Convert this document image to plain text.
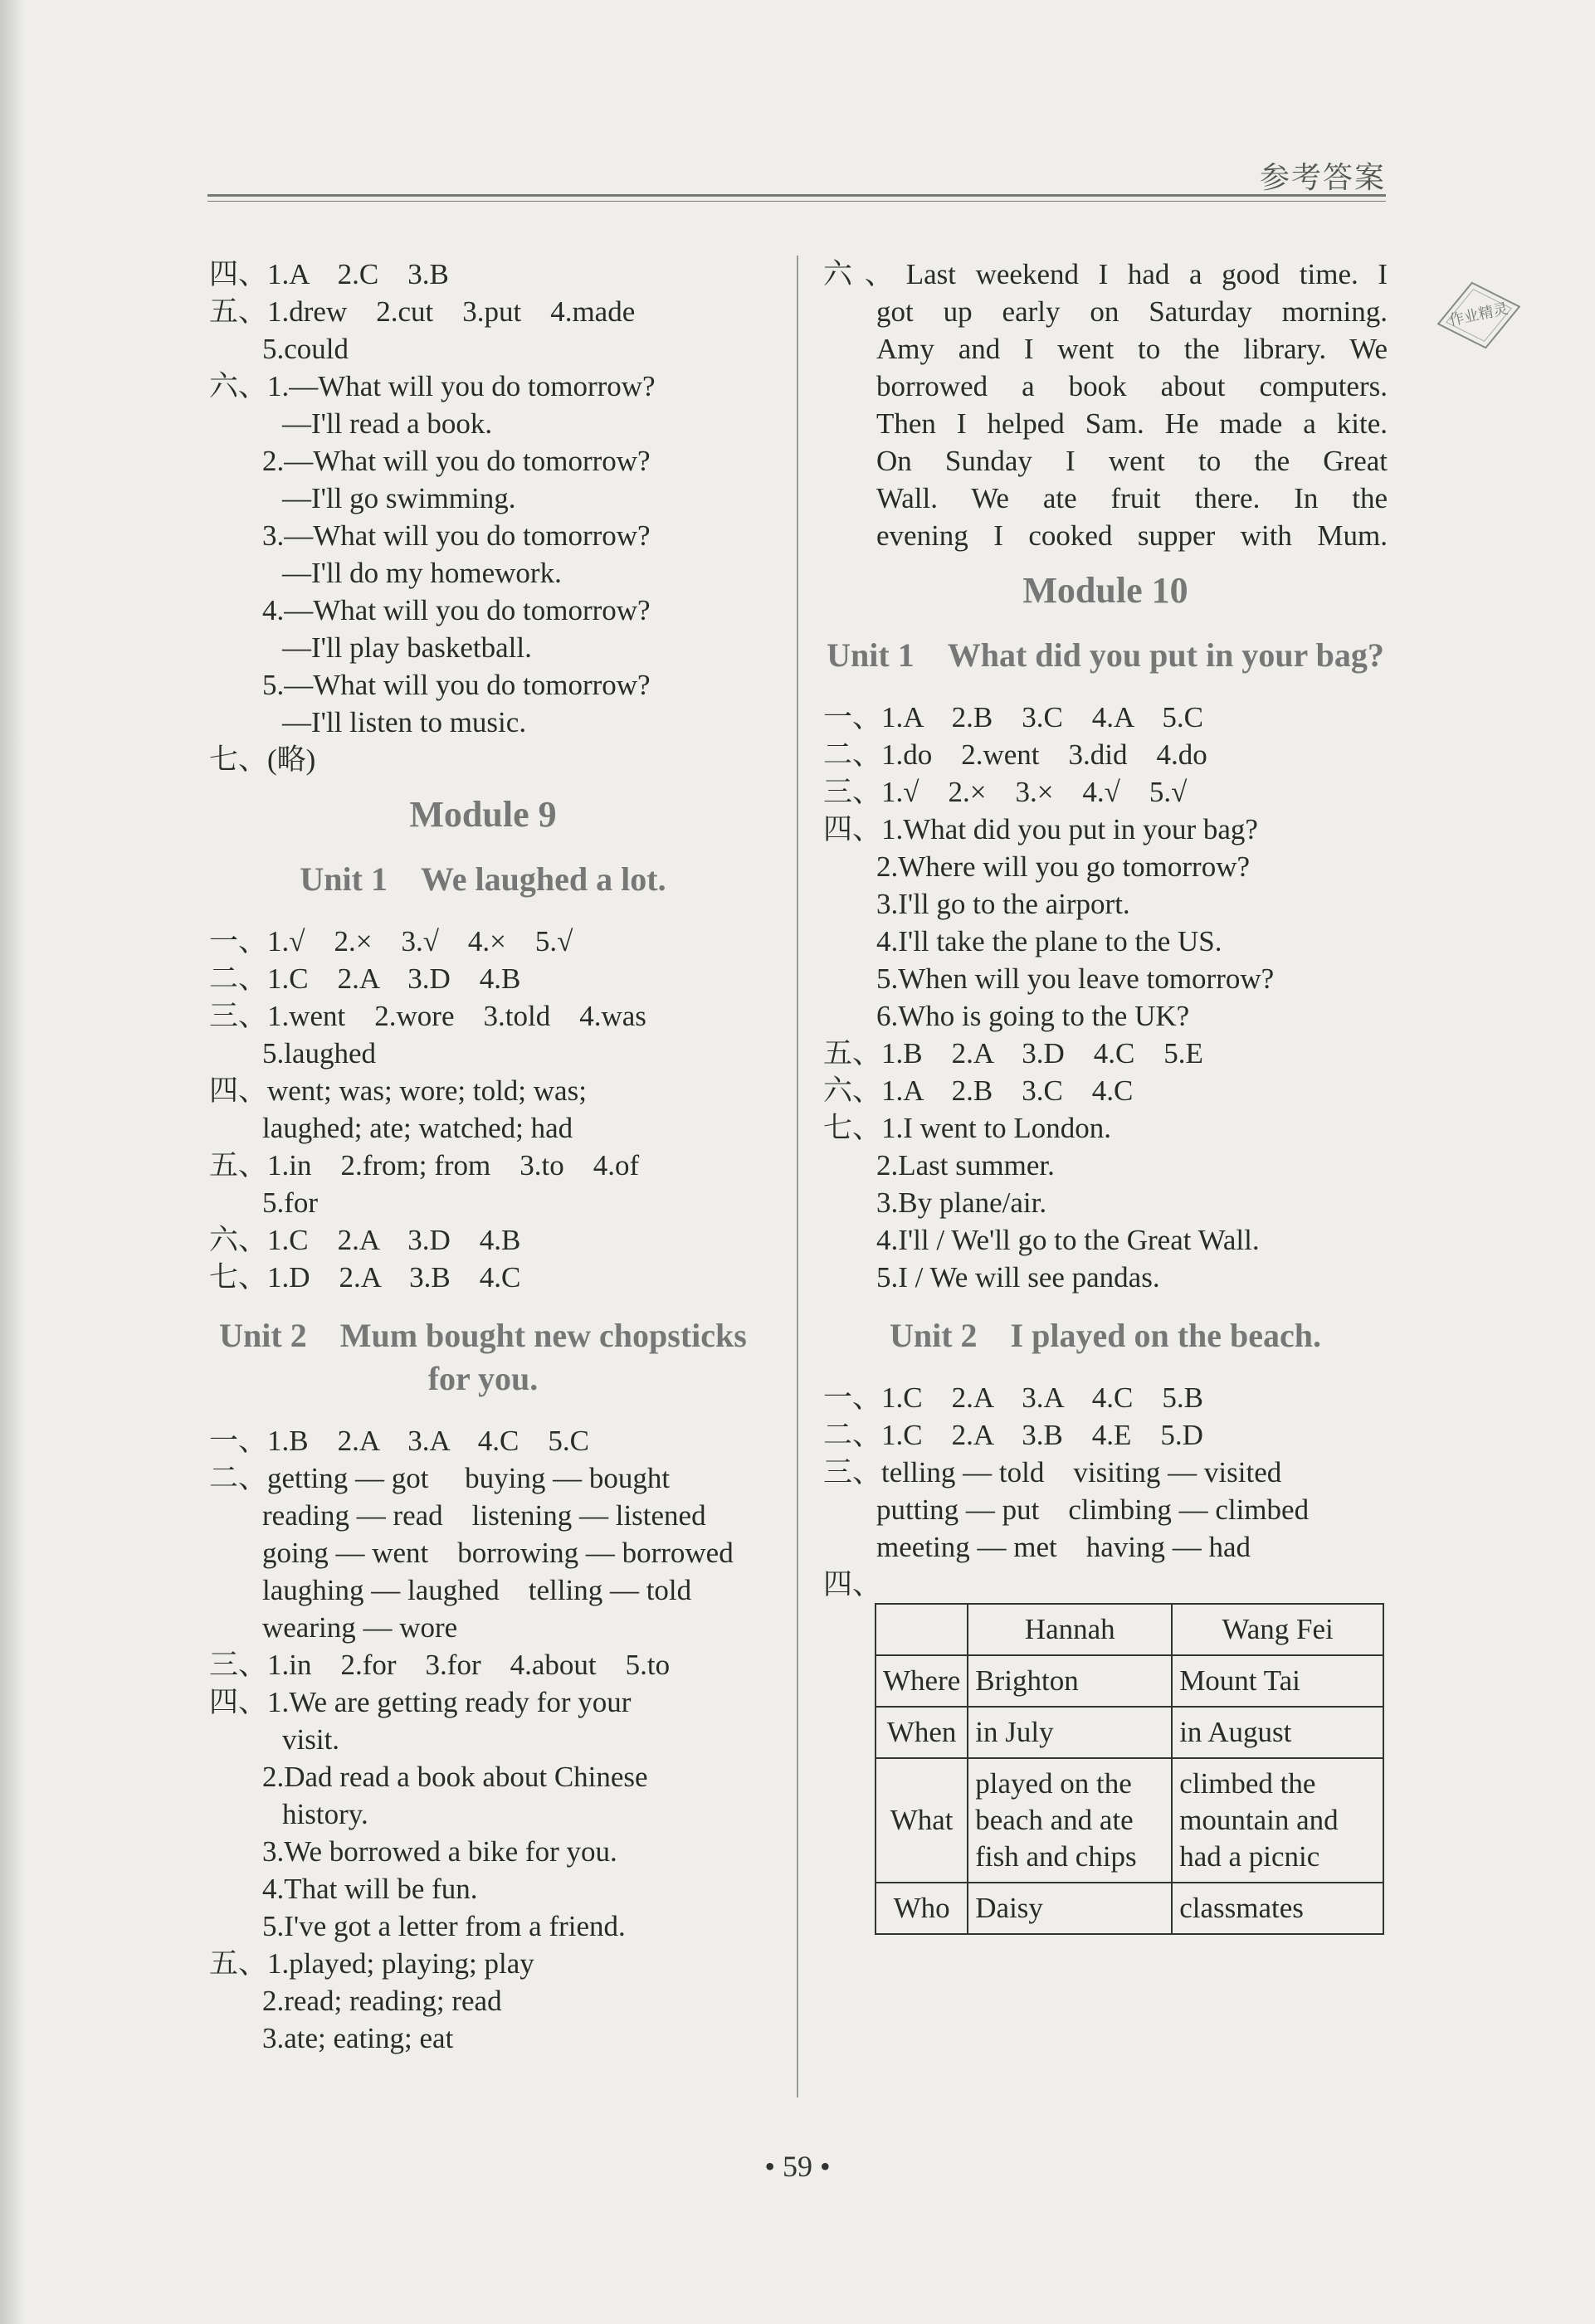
参考答案
作业精灵
四、1.A　2.C　3.B
五、1.drew　2.cut　3.put　4.made
5.could
六、1.—What will you do tomorrow?
—I'll read a book.
2.—What will you do tomorrow?
—I'll go swimming.
3.—What will you do tomorrow?
—I'll do my homework.
4.—What will you do tomorrow?
—I'll play basketball.
5.—What will you do tomorrow?
—I'll listen to music.
七、(略)
Module 9
Unit 1　We laughed a lot.
一、1.√　2.×　3.√　4.×　5.√
二、1.C　2.A　3.D　4.B
三、1.went　2.wore　3.told　4.was
5.laughed
四、went; was; wore; told; was;
laughed; ate; watched; had
五、1.in　2.from; from　3.to　4.of
5.for
六、1.C　2.A　3.D　4.B
七、1.D　2.A　3.B　4.C
Unit 2　Mum bought new chopsticks for you.
一、1.B　2.A　3.A　4.C　5.C
二、getting — got　 buying — bought
reading — read　listening — listened
going — went　borrowing — borrowed
laughing — laughed　telling — told
wearing — wore
三、1.in　2.for　3.for　4.about　5.to
四、1.We are getting ready for your
visit.
2.Dad read a book about Chinese
history.
3.We borrowed a bike for you.
4.That will be fun.
5.I've got a letter from a friend.
五、1.played; playing; play
2.read; reading; read
3.ate; eating; eat
六、Last weekend I had a good time. I
got up early on Saturday morning.
Amy and I went to the library. We
borrowed a book about computers.
Then I helped Sam. He made a kite.
On Sunday I went to the Great
Wall. We ate fruit there. In the
evening I cooked supper with Mum.
Module 10
Unit 1　What did you put in your bag?
一、1.A　2.B　3.C　4.A　5.C
二、1.do　2.went　3.did　4.do
三、1.√　2.×　3.×　4.√　5.√
四、1.What did you put in your bag?
2.Where will you go tomorrow?
3.I'll go to the airport.
4.I'll take the plane to the US.
5.When will you leave tomorrow?
6.Who is going to the UK?
五、1.B　2.A　3.D　4.C　5.E
六、1.A　2.B　3.C　4.C
七、1.I went to London.
2.Last summer.
3.By plane/air.
4.I'll / We'll go to the Great Wall.
5.I / We will see pandas.
Unit 2　I played on the beach.
一、1.C　2.A　3.A　4.C　5.B
二、1.C　2.A　3.B　4.E　5.D
三、telling — told　visiting — visited
putting — put　climbing — climbed
meeting — met　having — had
四、
	Hannah	Wang Fei
Where	Brighton	Mount Tai
When	in July	in August
What	played on the beach and ate fish and chips	climbed the mountain and had a picnic
Who	Daisy	classmates
• 59 •
